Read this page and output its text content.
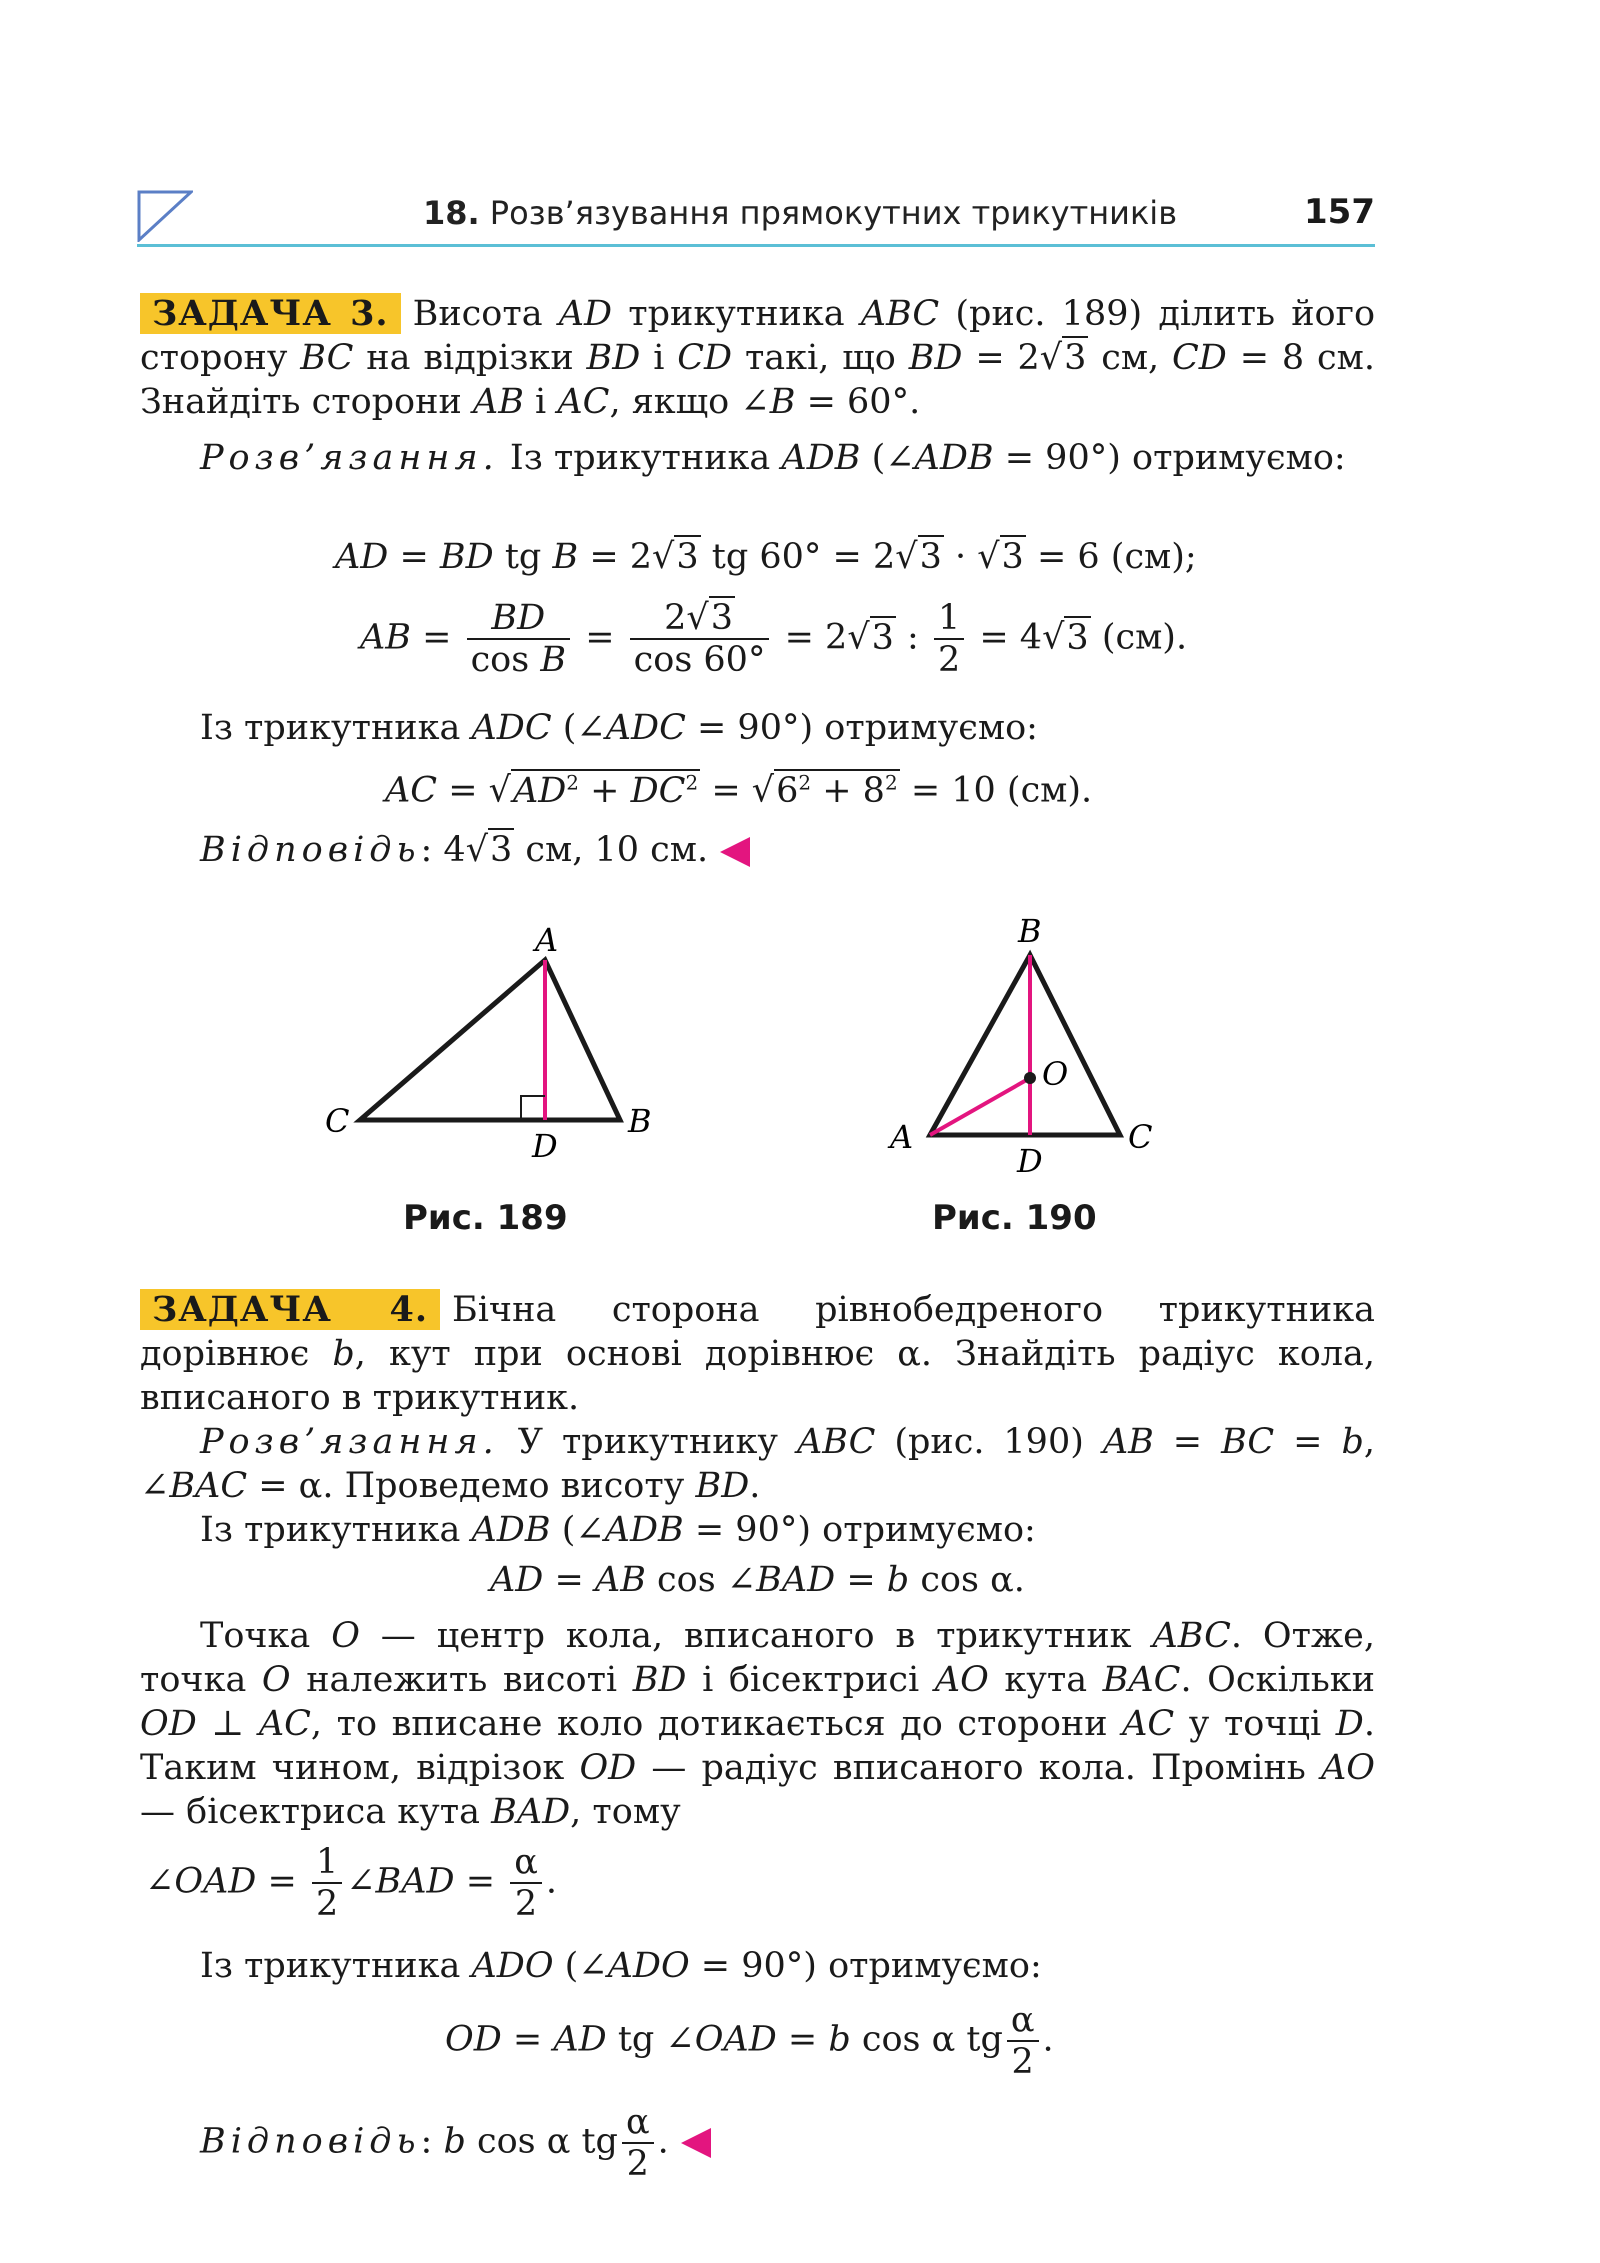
18. Розв’язування прямокутних трикутників	157
ЗАДАЧА 3. Висота AD трикутника ABC (рис. 189) ділить його сторону BC на відрізки BD і CD такі, що BD = 2√3 см, CD = 8 см. Знайдіть сторони AB і AC, якщо ∠B = 60°.
Розв’язання. Із трикутника ADB (∠ADB = 90°) отримуємо:
AD = BD tg B = 2√3 tg 60° = 2√3 · √3 = 6 (см);
AB = $\frac{BD}{\text{cos B}} = \frac{2√3}{\cos 60^\circ} = 2√3$ : $\frac{1}{2} = 4√3$ (см).
Із трикутника ADC (∠ADC = 90°) отримуємо:
AC = $√AD^2 + DC^2 = √6^2 + 8^2 = 10$ (см).
Відповідь: 4√3 см, 10 см.
A
C	B
D
Рис. 189
B
O
A	C
D
Рис. 190
ЗАДАЧА 4. Бічна сторона рівнобедреного трикутника дорівнює b, кут при основі дорівнює α. Знайдіть радіус кола, вписаного в трикутник.
Розв’язання. У трикутнику ABC (рис. 190) AB = BC = b, ∠BAC = α. Проведемо висоту BD.
Із трикутника ADB (∠ADB = 90°) отримуємо:
AD = AB cos ∠BAD = b cos α.
Точка O — центр кола, вписаного в трикутник ABC. Отже, точка O належить висоті BD і бісектрисі AO кута BAC. Оскільки OD ⊥ AC, то вписане коло дотикається до сторони AC у точці D. Таким чином, відрізок OD — радіус вписаного кола. Промінь AO — бісектриса кута BAD, тому
∠OAD = $\frac{1}{2}$ ∠BAD = $\frac{\alpha}{2}$ .
Із трикутника ADO (∠ADO = 90°) отримуємо:
OD = AD tg ∠OAD = b cos α tg $\frac{\alpha}{2}$ .
Відповідь: b cos α tg $\frac{\alpha}{2}$ .
